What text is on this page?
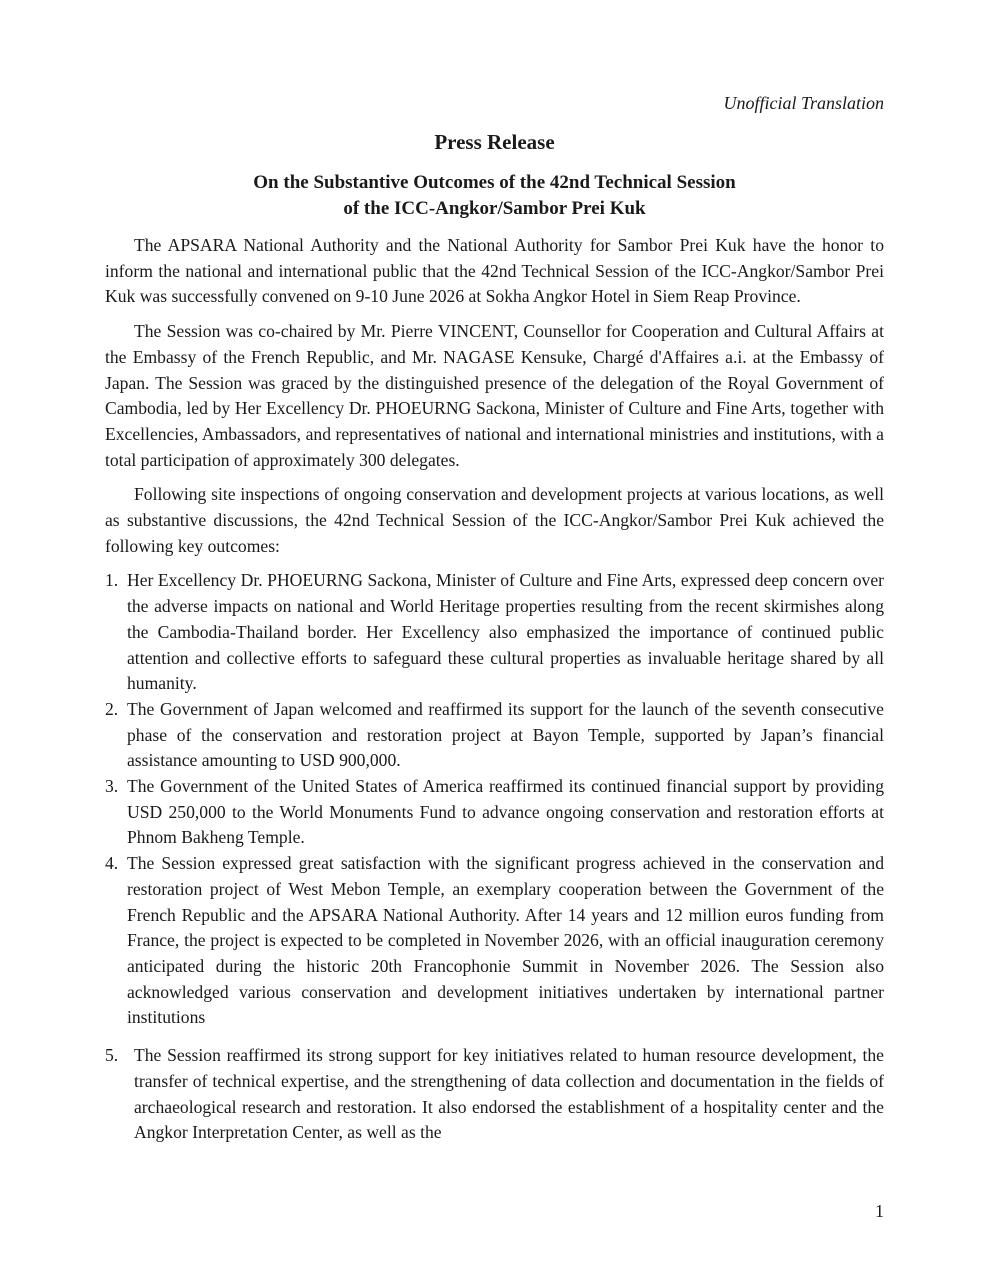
Unofficial Translation

Press Release
On the Substantive Outcomes of the 42nd Technical Session
of the ICC-Angkor/Sambor Prei Kuk

The APSARA National Authority and the National Authority for Sambor Prei Kuk have the honor to inform the national and international public that the 42nd Technical Session of the ICC-Angkor/Sambor Prei Kuk was successfully convened on 9-10 June 2026 at Sokha Angkor Hotel in Siem Reap Province.

The Session was co-chaired by Mr. Pierre VINCENT, Counsellor for Cooperation and Cultural Affairs at the Embassy of the French Republic, and Mr. NAGASE Kensuke, Chargé d'Affaires a.i. at the Embassy of Japan. The Session was graced by the distinguished presence of the delegation of the Royal Government of Cambodia, led by Her Excellency Dr. PHOEURNG Sackona, Minister of Culture and Fine Arts, together with Excellencies, Ambassadors, and representatives of national and international ministries and institutions, with a total participation of approximately 300 delegates.

Following site inspections of ongoing conservation and development projects at various locations, as well as substantive discussions, the 42nd Technical Session of the ICC-Angkor/Sambor Prei Kuk achieved the following key outcomes:

1. Her Excellency Dr. PHOEURNG Sackona, Minister of Culture and Fine Arts, expressed deep concern over the adverse impacts on national and World Heritage properties resulting from the recent skirmishes along the Cambodia-Thailand border. Her Excellency also emphasized the importance of continued public attention and collective efforts to safeguard these cultural properties as invaluable heritage shared by all humanity.
2. The Government of Japan welcomed and reaffirmed its support for the launch of the seventh consecutive phase of the conservation and restoration project at Bayon Temple, supported by Japan’s financial assistance amounting to USD 900,000.
3. The Government of the United States of America reaffirmed its continued financial support by providing USD 250,000 to the World Monuments Fund to advance ongoing conservation and restoration efforts at Phnom Bakheng Temple.
4. The Session expressed great satisfaction with the significant progress achieved in the conservation and restoration project of West Mebon Temple, an exemplary cooperation between the Government of the French Republic and the APSARA National Authority. After 14 years and 12 million euros funding from France, the project is expected to be completed in November 2026, with an official inauguration ceremony anticipated during the historic 20th Francophonie Summit in November 2026. The Session also acknowledged various conservation and development initiatives undertaken by international partner institutions
5. The Session reaffirmed its strong support for key initiatives related to human resource development, the transfer of technical expertise, and the strengthening of data collection and documentation in the fields of archaeological research and restoration. It also endorsed the establishment of a hospitality center and the Angkor Interpretation Center, as well as the

1
